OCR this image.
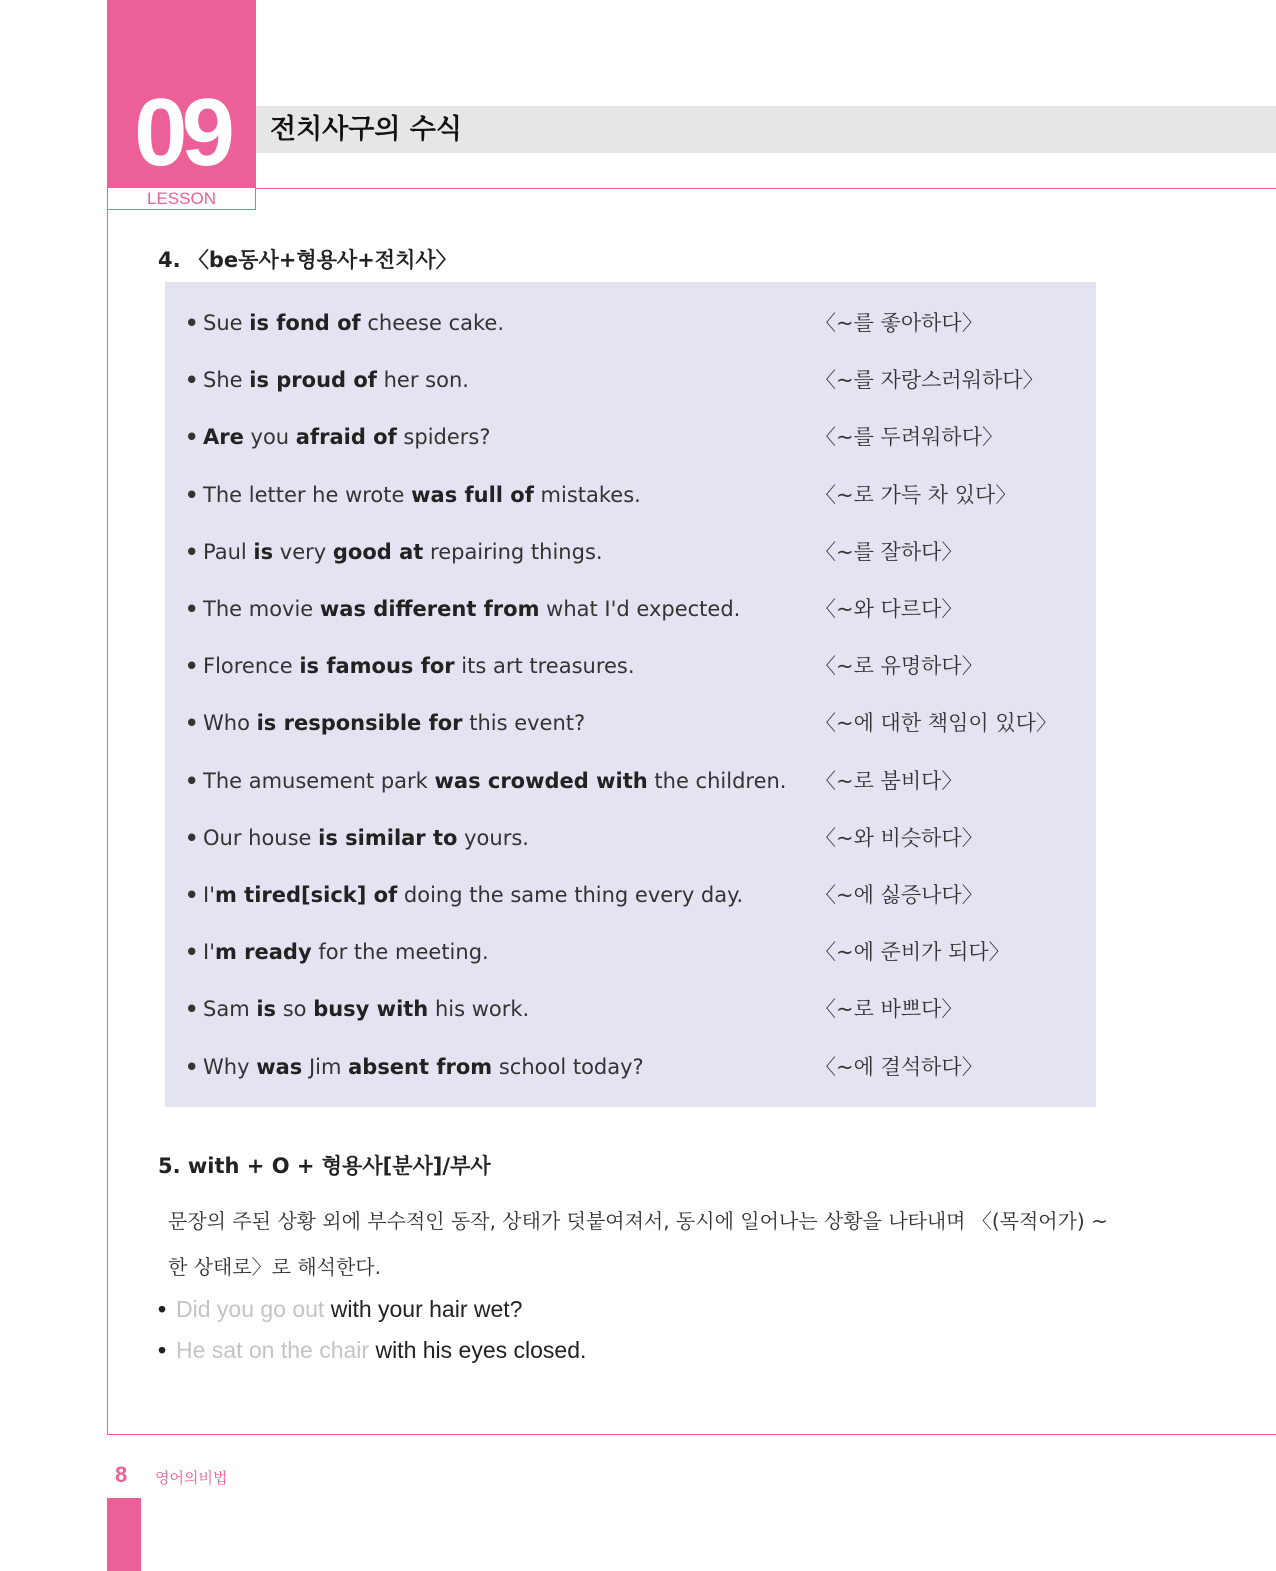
09
LESSON
전치사구의 수식
4. 〈be동사+형용사+전치사〉
• Sue is fond of cheese cake.	〈~를 좋아하다〉
• She is proud of her son.	〈~를 자랑스러워하다〉
• Are you afraid of spiders?	〈~를 두려워하다〉
• The letter he wrote was full of mistakes.	〈~로 가득 차 있다〉
• Paul is very good at repairing things.	〈~를 잘하다〉
• The movie was different from what I'd expected.	〈~와 다르다〉
• Florence is famous for its art treasures.	〈~로 유명하다〉
• Who is responsible for this event?	〈~에 대한 책임이 있다〉
• The amusement park was crowded with the children. 〈~로 붐비다〉
• Our house is similar to yours.	〈~와 비슷하다〉
• I'm tired[sick] of doing the same thing every day.	〈~에 싫증나다〉
• I'm ready for the meeting.	〈~에 준비가 되다〉
• Sam is so busy with his work.	〈~로 바쁘다〉
• Why was Jim absent from school today?	〈~에 결석하다〉
5. with + O + 형용사[분사]/부사
문장의 주된 상황 외에 부수적인 동작, 상태가 덧붙여져서, 동시에 일어나는 상황을 나타내며 〈(목적어가) ~
한 상태로〉로 해석한다.
• Did you go out with your hair wet?
• He sat on the chair with his eyes closed.
8 영어의비법
